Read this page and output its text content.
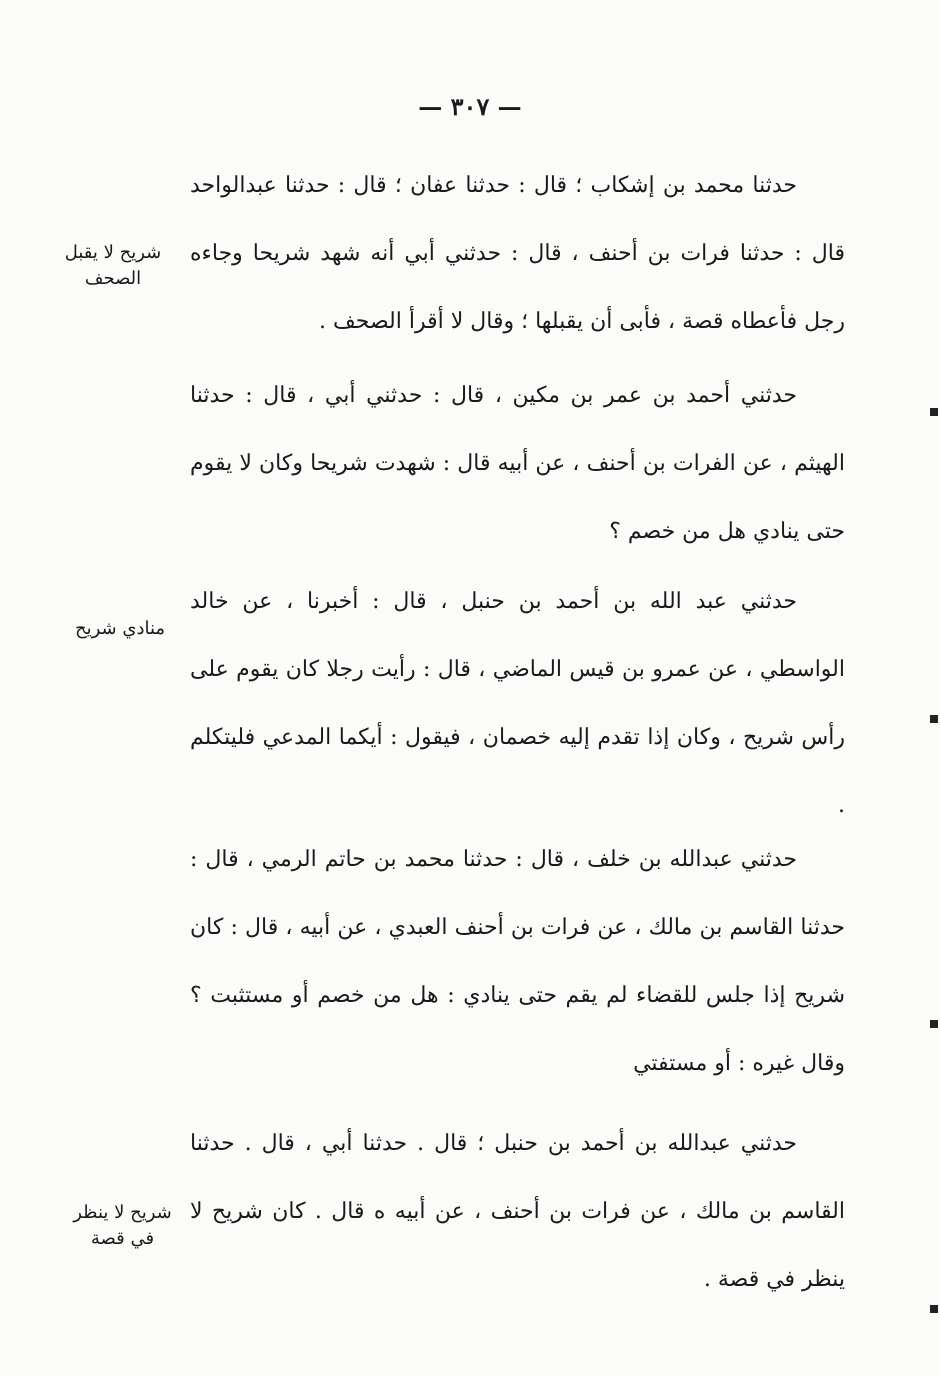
— ٣٠٧ —

حدثنا محمد بن إشكاب ؛ قال : حدثنا عفان ؛ قال : حدثنا عبدالواحد قال : حدثنا فرات بن أحنف ، قال : حدثني أبي أنه شهد شريحا وجاءه رجل فأعطاه قصة ، فأبى أن يقبلها ؛ وقال لا أقرأ الصحف .

حدثني أحمد بن عمر بن مكين ، قال : حدثني أبي ، قال : حدثنا الهيثم ، عن الفرات بن أحنف ، عن أبيه قال : شهدت شريحا وكان لا يقوم حتى ينادي هل من خصم ؟

حدثني عبد الله بن أحمد بن حنبل ، قال : أخبرنا ، عن خالد الواسطي ، عن عمرو بن قيس الماضي ، قال : رأيت رجلا كان يقوم على رأس شريح ، وكان إذا تقدم إليه خصمان ، فيقول : أيكما المدعي فليتكلم .

حدثني عبدالله بن خلف ، قال : حدثنا محمد بن حاتم الرمي ، قال : حدثنا القاسم بن مالك ، عن فرات بن أحنف العبدي ، عن أبيه ، قال : كان شريح إذا جلس للقضاء لم يقم حتى ينادي : هل من خصم أو مستثبت ؟ وقال غيره : أو مستفتي

حدثني عبدالله بن أحمد بن حنبل ؛ قال . حدثنا أبي ، قال . حدثنا القاسم بن مالك ، عن فرات بن أحنف ، عن أبيه ه قال . كان شريح لا ينظر في قصة .

شريح لا يقبل الصحف
منادي شريح
شريح لا ينظر في قصة
